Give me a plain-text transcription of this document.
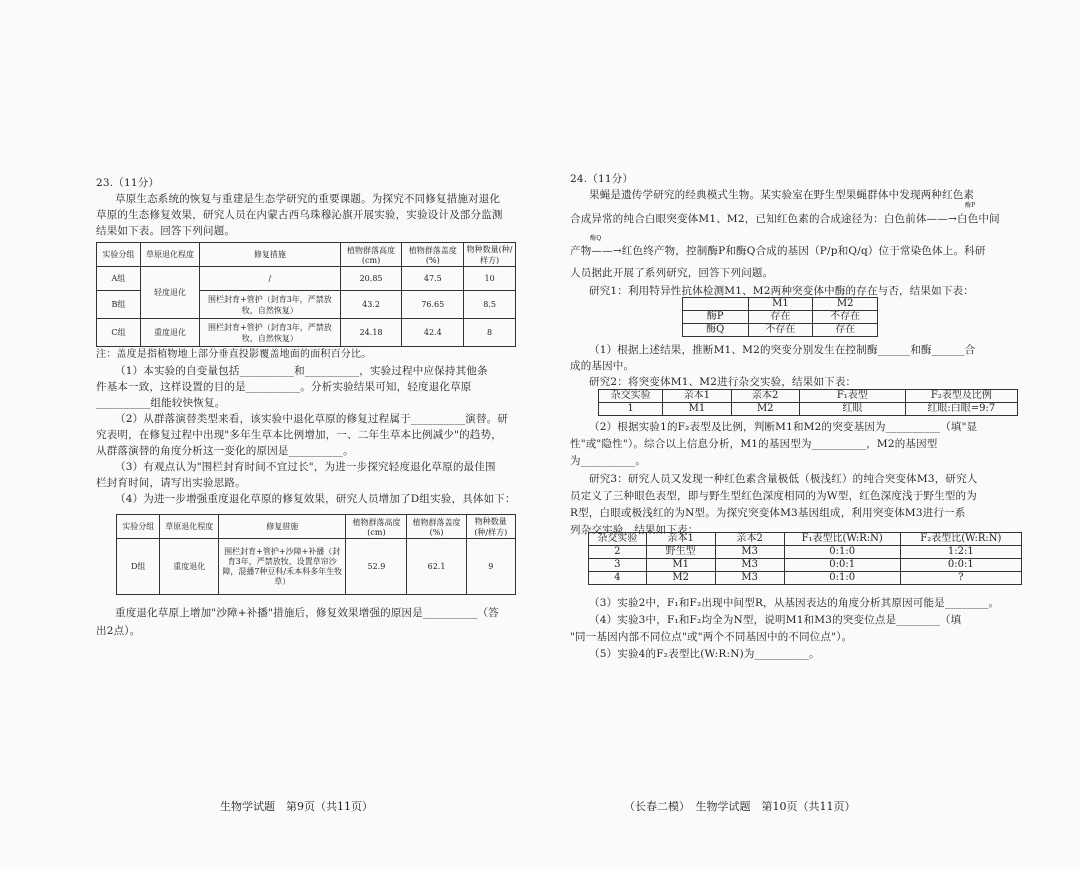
23.（11分）
草原生态系统的恢复与重建是生态学研究的重要课题。为探究不同修复措施对退化
草原的生态修复效果，研究人员在内蒙古西乌珠穆沁旗开展实验，实验设计及部分监测
结果如下表。回答下列问题。
实验分组	草原退化程度	修复措施	植物群落高度(cm)	植物群落盖度(%)	物种数量(种/样方)
A组	轻度退化	/	20.85	47.5	10
B组		围栏封育+管护（封育3年，严禁放牧，自然恢复）	43.2	76.65	8.5
C组	重度退化	围栏封育+管护（封育3年，严禁放牧，自然恢复）	24.18	42.4	8
注：盖度是指植物地上部分垂直投影覆盖地面的面积百分比。
（1）本实验的自变量包括__________和__________，实验过程中应保持其他条
件基本一致，这样设置的目的是__________。分析实验结果可知，轻度退化草原
__________组能较快恢复。
（2）从群落演替类型来看，该实验中退化草原的修复过程属于__________演替。研
究表明，在修复过程中出现"多年生草本比例增加，一、二年生草本比例减少"的趋势，
从群落演替的角度分析这一变化的原因是__________。
（3）有观点认为"围栏封育时间不宜过长"，为进一步探究轻度退化草原的最佳围
栏封育时间，请写出实验思路。
（4）为进一步增强重度退化草原的修复效果，研究人员增加了D组实验，具体如下：
实验分组	草原退化程度	修复措施	植物群落高度(cm)	植物群落盖度(%)	物种数量(种/样方)
D组	重度退化	围栏封育+管护+沙障+补播（封育3年，严禁放牧，设置草帘沙障，混播7种豆科/禾本科多年生牧草）	52.9	62.1	9
重度退化草原上增加"沙障+补播"措施后，修复效果增强的原因是__________（答
出2点）。
生物学试题　第9页（共11页）
24.（11分）
果蝇是遗传学研究的经典模式生物。某实验室在野生型果蝇群体中发现两种红色素
合成异常的纯合白眼突变体M1、M2，已知红色素的合成途径为：白色前体——→白色中间
酶P
产物——→红色终产物，控制酶P和酶Q合成的基因（P/p和Q/q）位于常染色体上。科研
酶Q
人员据此开展了系列研究，回答下列问题。
研究1：利用特异性抗体检测M1、M2两种突变体中酶的存在与否，结果如下表：
	M1	M2
酶P	存在	不存在
酶Q	不存在	存在
（1）根据上述结果，推断M1、M2的突变分别发生在控制酶______和酶______合
成的基因中。
研究2：将突变体M1、M2进行杂交实验，结果如下表：
杂交实验	亲本1	亲本2	F₁表型	F₂表型及比例
1	M1	M2	红眼	红眼:白眼=9:7
（2）根据实验1的F₂表型及比例，判断M1和M2的突变基因为__________（填"显
性"或"隐性"）。综合以上信息分析，M1的基因型为__________，M2的基因型
为__________。
研究3：研究人员又发现一种红色素含量极低（极浅红）的纯合突变体M3，研究人
员定义了三种眼色表型，即与野生型红色深度相同的为W型，红色深度浅于野生型的为
R型，白眼或极浅红的为N型。为探究突变体M3基因组成，利用突变体M3进行一系
列杂交实验，结果如下表：
杂交实验	亲本1	亲本2	F₁表型比(W:R:N)	F₂表型比(W:R:N)
2	野生型	M3	0:1:0	1:2:1
3	M1	M3	0:0:1	0:0:1
4	M2	M3	0:1:0	?
（3）实验2中，F₁和F₂出现中间型R，从基因表达的角度分析其原因可能是________。
（4）实验3中，F₁和F₂均全为N型，说明M1和M3的突变位点是________（填
"同一基因内部不同位点"或"两个不同基因中的不同位点"）。
（5）实验4的F₂表型比(W:R:N)为__________。
（长春二模）　生物学试题　第10页（共11页）
